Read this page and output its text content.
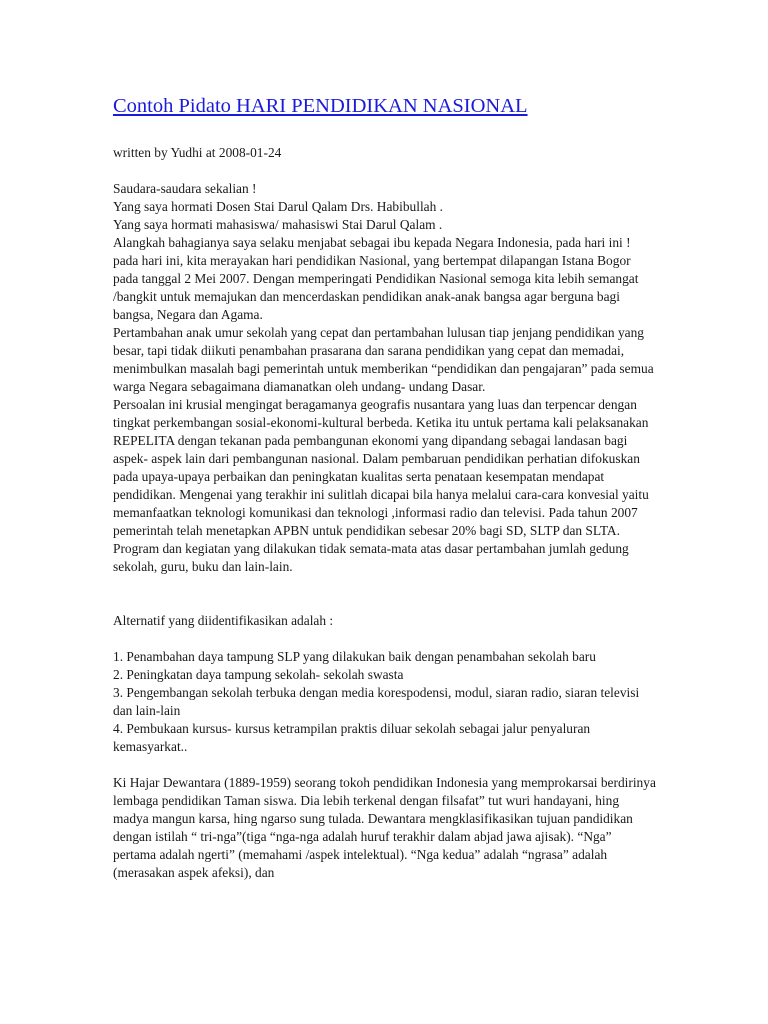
Contoh Pidato HARI PENDIDIKAN NASIONAL
written by Yudhi at 2008-01-24
Saudara-saudara sekalian !
Yang saya hormati Dosen Stai Darul Qalam Drs. Habibullah .
Yang saya hormati mahasiswa/ mahasiswi Stai Darul Qalam .
Alangkah bahagianya saya selaku menjabat sebagai ibu kepada Negara Indonesia, pada hari ini ! pada hari ini, kita merayakan hari pendidikan Nasional, yang bertempat dilapangan Istana Bogor pada tanggal 2 Mei 2007. Dengan memperingati Pendidikan Nasional semoga kita lebih semangat /bangkit untuk memajukan dan mencerdaskan pendidikan anak-anak bangsa agar berguna bagi bangsa, Negara dan Agama.
Pertambahan anak umur sekolah yang cepat dan pertambahan lulusan tiap jenjang pendidikan yang besar, tapi tidak diikuti penambahan prasarana dan sarana pendidikan yang cepat dan memadai, menimbulkan masalah bagi pemerintah untuk memberikan “pendidikan dan pengajaran” pada semua warga Negara sebagaimana diamanatkan oleh undang- undang Dasar.
Persoalan ini krusial mengingat beragamanya geografis nusantara yang luas dan terpencar dengan tingkat perkembangan sosial-ekonomi-kultural berbeda. Ketika itu untuk pertama kali pelaksanakan REPELITA dengan tekanan pada pembangunan ekonomi yang dipandang sebagai landasan bagi aspek- aspek lain dari pembangunan nasional. Dalam pembaruan pendidikan perhatian difokuskan pada upaya-upaya perbaikan dan peningkatan kualitas serta penataan kesempatan mendapat pendidikan. Mengenai yang terakhir ini sulitlah dicapai bila hanya melalui cara-cara konvesial yaitu memanfaatkan teknologi komunikasi dan teknologi ,informasi radio dan televisi. Pada tahun 2007 pemerintah telah menetapkan APBN untuk pendidikan sebesar 20% bagi SD, SLTP dan SLTA. Program dan kegiatan yang dilakukan tidak semata-mata atas dasar pertambahan jumlah gedung sekolah, guru, buku dan lain-lain.
Alternatif yang diidentifikasikan adalah :
1. Penambahan daya tampung SLP yang dilakukan baik dengan penambahan sekolah baru
2. Peningkatan daya tampung sekolah- sekolah swasta
3. Pengembangan sekolah terbuka dengan media korespodensi, modul, siaran radio, siaran televisi dan lain-lain
4. Pembukaan kursus- kursus ketrampilan praktis diluar sekolah sebagai jalur penyaluran kemasyarkat..
Ki Hajar Dewantara (1889-1959) seorang tokoh pendidikan Indonesia yang memprokarsai berdirinya lembaga pendidikan Taman siswa. Dia lebih terkenal dengan filsafat” tut wuri handayani, hing madya mangun karsa, hing ngarso sung tulada. Dewantara mengklasifikasikan tujuan pandidikan dengan istilah “ tri-nga”(tiga “nga-nga adalah huruf terakhir dalam abjad jawa ajisak). “Nga” pertama adalah ngerti” (memahami /aspek intelektual). “Nga kedua” adalah “ngrasa” adalah (merasakan aspek afeksi), dan
